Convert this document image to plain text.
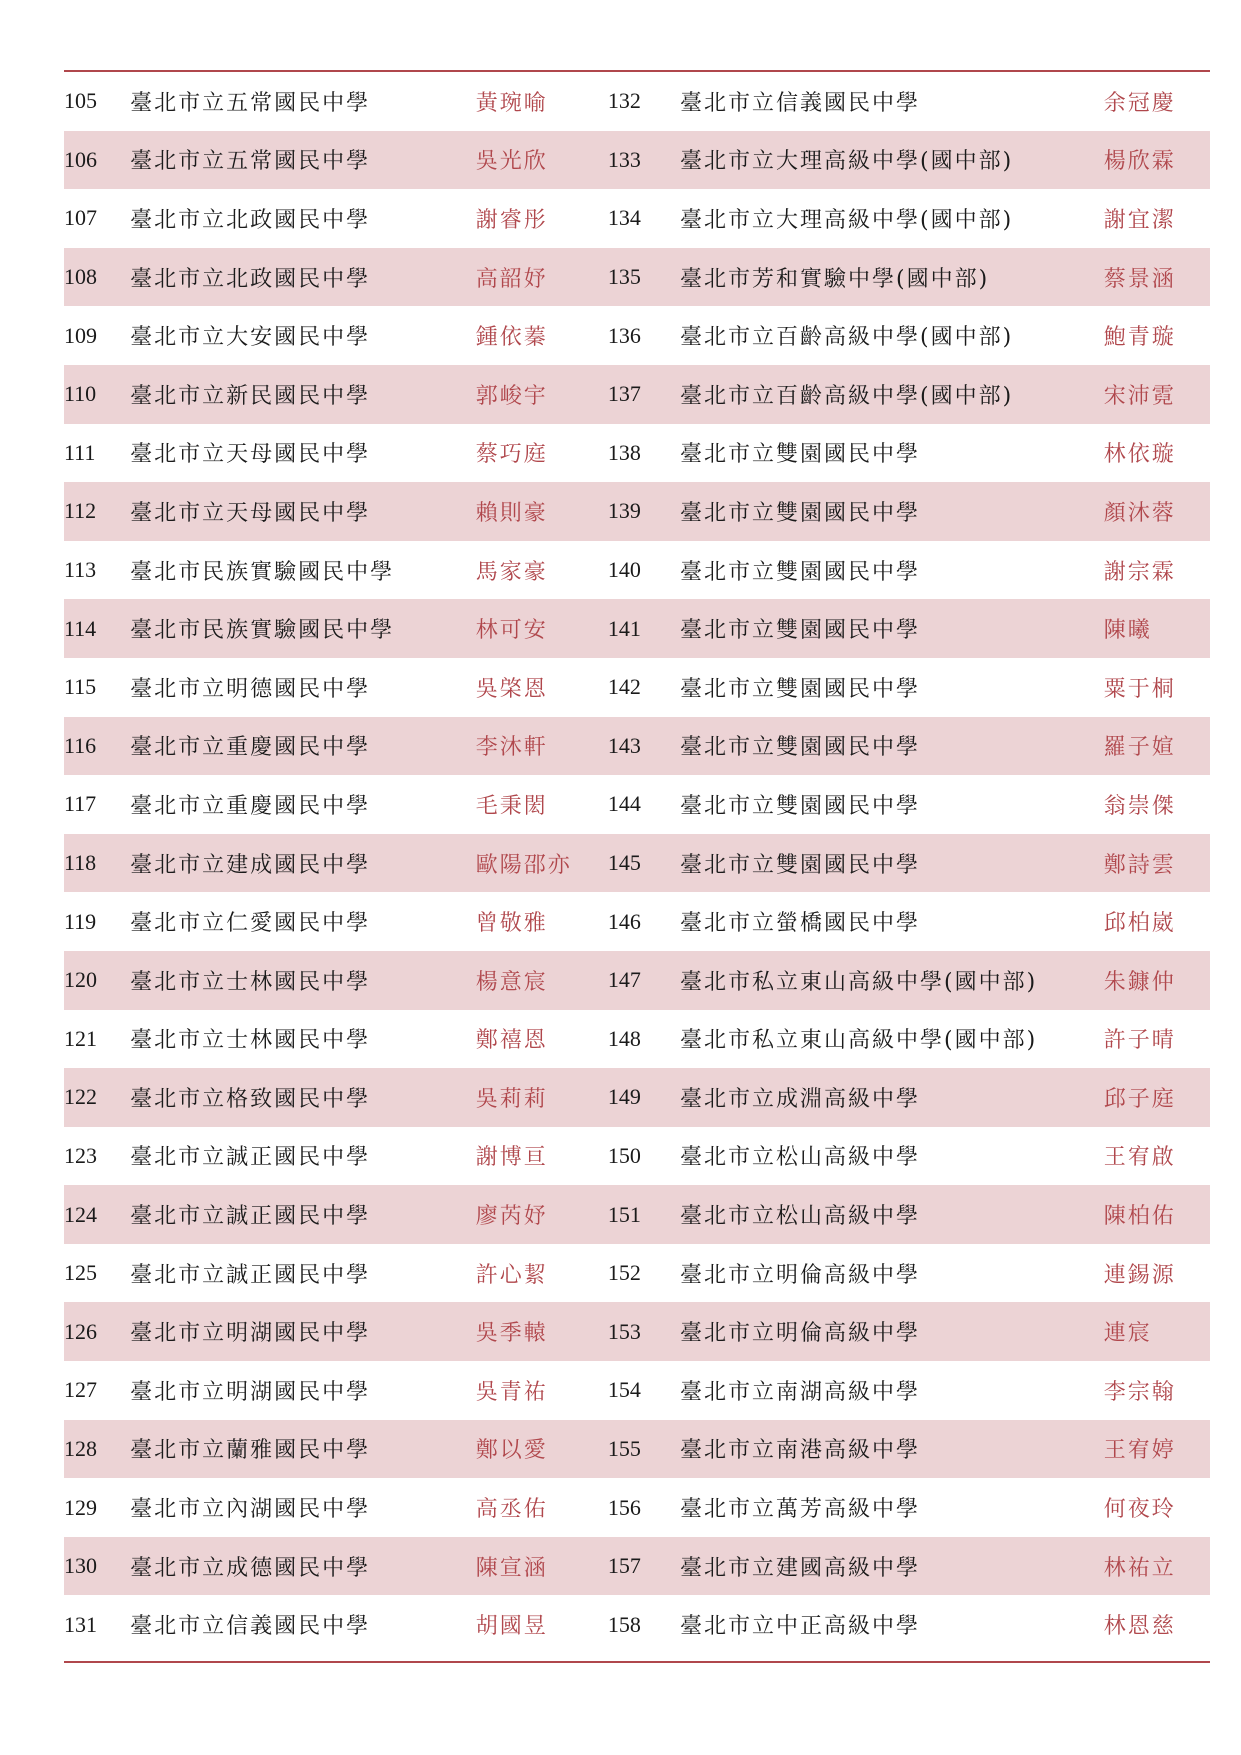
105	臺北市立五常國民中學	黃琬喻	132	臺北市立信義國民中學	余冠慶
106	臺北市立五常國民中學	吳光欣	133	臺北市立大理高級中學(國中部)	楊欣霖
107	臺北市立北政國民中學	謝睿彤	134	臺北市立大理高級中學(國中部)	謝宜潔
108	臺北市立北政國民中學	高韶妤	135	臺北市芳和實驗中學(國中部)	蔡景涵
109	臺北市立大安國民中學	鍾依蓁	136	臺北市立百齡高級中學(國中部)	鮑青璇
110	臺北市立新民國民中學	郭峻宇	137	臺北市立百齡高級中學(國中部)	宋沛霓
111	臺北市立天母國民中學	蔡巧庭	138	臺北市立雙園國民中學	林依璇
112	臺北市立天母國民中學	賴則豪	139	臺北市立雙園國民中學	顏沐蓉
113	臺北市民族實驗國民中學	馬家豪	140	臺北市立雙園國民中學	謝宗霖
114	臺北市民族實驗國民中學	林可安	141	臺北市立雙園國民中學	陳曦
115	臺北市立明德國民中學	吳棨恩	142	臺北市立雙園國民中學	粟于桐
116	臺北市立重慶國民中學	李沐軒	143	臺北市立雙園國民中學	羅子媗
117	臺北市立重慶國民中學	毛秉閎	144	臺北市立雙園國民中學	翁崇傑
118	臺北市立建成國民中學	歐陽邵亦	145	臺北市立雙園國民中學	鄭詩雲
119	臺北市立仁愛國民中學	曾敬雅	146	臺北市立螢橋國民中學	邱柏崴
120	臺北市立士林國民中學	楊意宸	147	臺北市私立東山高級中學(國中部)	朱鏮仲
121	臺北市立士林國民中學	鄭禧恩	148	臺北市私立東山高級中學(國中部)	許子晴
122	臺北市立格致國民中學	吳莉莉	149	臺北市立成淵高級中學	邱子庭
123	臺北市立誠正國民中學	謝博亘	150	臺北市立松山高級中學	王宥啟
124	臺北市立誠正國民中學	廖芮妤	151	臺北市立松山高級中學	陳柏佑
125	臺北市立誠正國民中學	許心絜	152	臺北市立明倫高級中學	連錫源
126	臺北市立明湖國民中學	吳季轅	153	臺北市立明倫高級中學	連宸
127	臺北市立明湖國民中學	吳青祐	154	臺北市立南湖高級中學	李宗翰
128	臺北市立蘭雅國民中學	鄭以愛	155	臺北市立南港高級中學	王宥婷
129	臺北市立內湖國民中學	高丞佑	156	臺北市立萬芳高級中學	何夜玲
130	臺北市立成德國民中學	陳宣涵	157	臺北市立建國高級中學	林祐立
131	臺北市立信義國民中學	胡國昱	158	臺北市立中正高級中學	林恩慈
